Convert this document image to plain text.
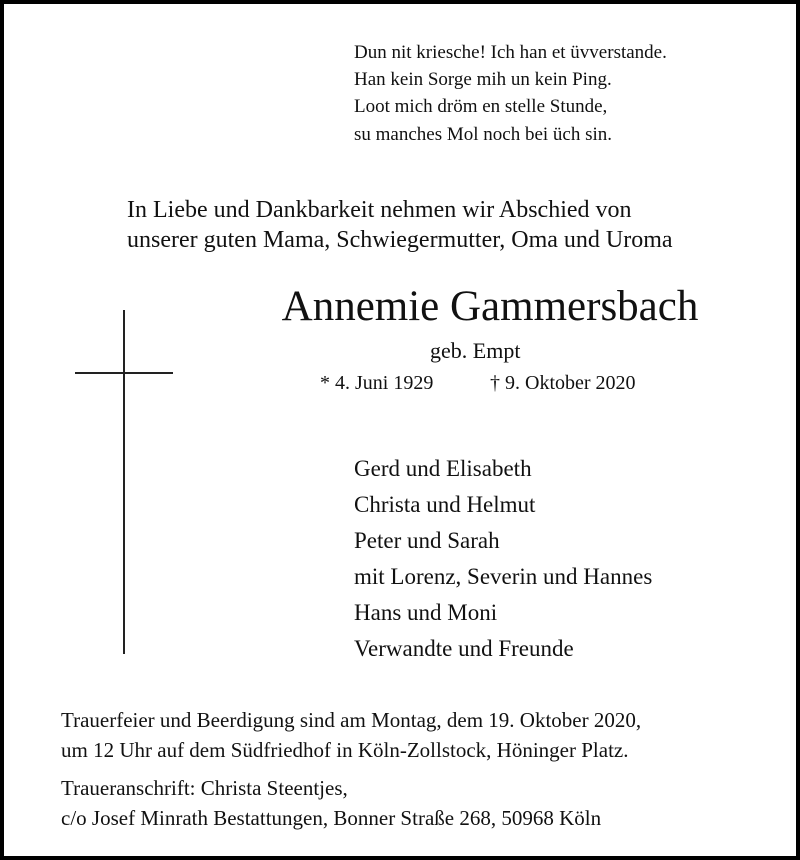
Dun nit kriesche! Ich han et üvverstande.
Han kein Sorge mih un kein Ping.
Loot mich dröm en stelle Stunde,
su manches Mol noch bei üch sin.
In Liebe und Dankbarkeit nehmen wir Abschied von
unserer guten Mama, Schwiegermutter, Oma und Uroma
Annemie Gammersbach
geb. Empt
* 4. Juni 1929	† 9. Oktober 2020
Gerd und Elisabeth
Christa und Helmut
Peter und Sarah
mit Lorenz, Severin und Hannes
Hans und Moni
Verwandte und Freunde
Trauerfeier und Beerdigung sind am Montag, dem 19. Oktober 2020,
um 12 Uhr auf dem Südfriedhof in Köln-Zollstock, Höninger Platz.
Traueranschrift: Christa Steentjes,
c/o Josef Minrath Bestattungen, Bonner Straße 268, 50968 Köln
